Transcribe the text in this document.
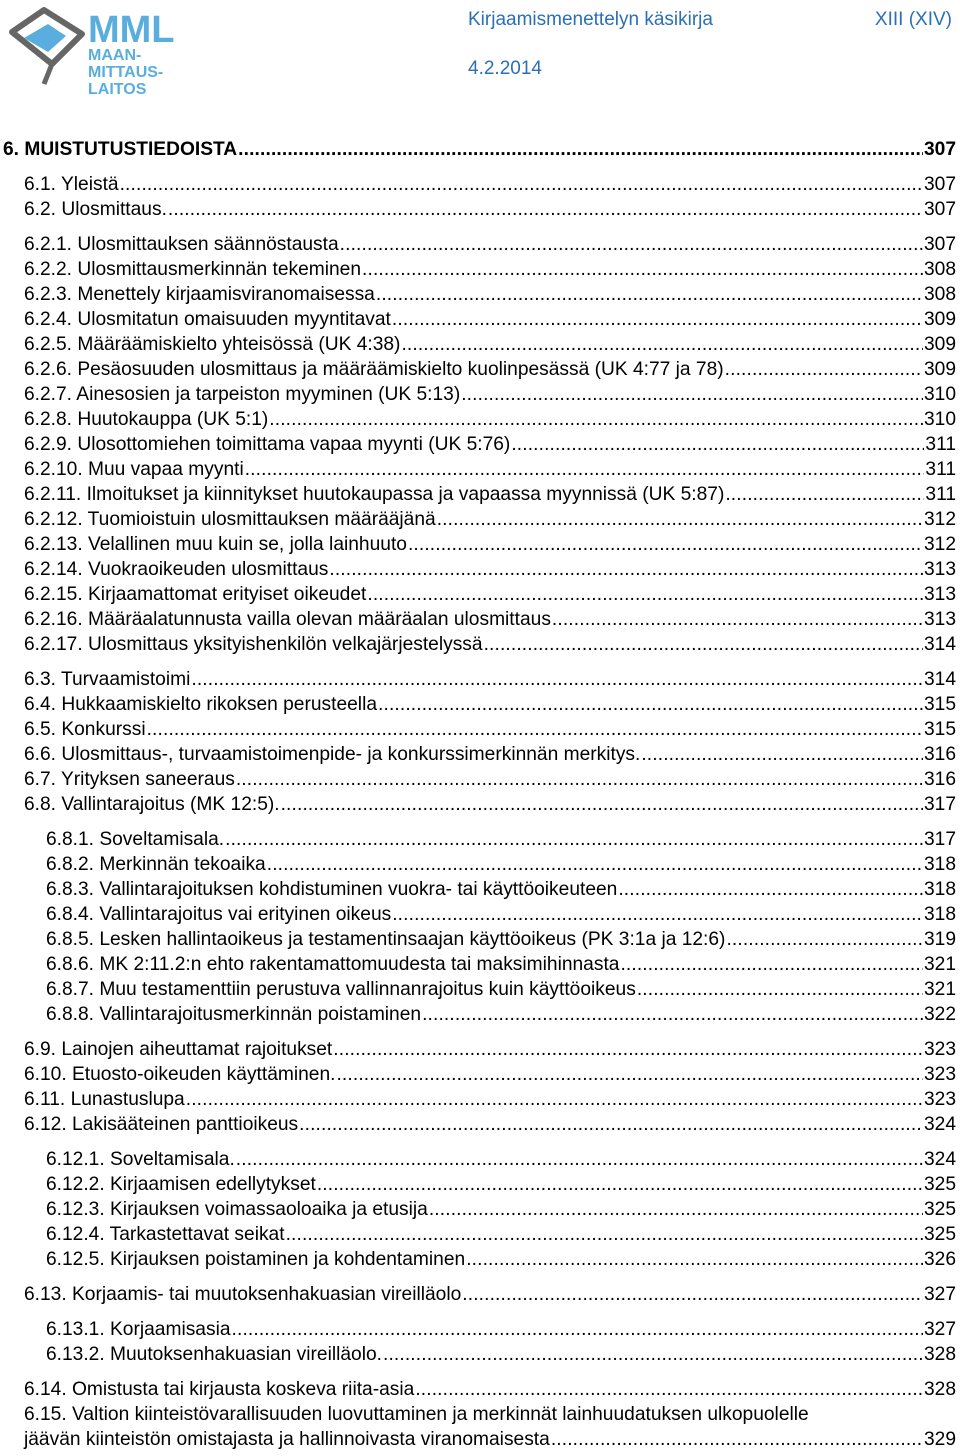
MML
MAAN-
MITTAUS-
LAITOS
Kirjaamismenettelyn käsikirja	XIII (XIV)
4.2.2014
6. MUISTUTUSTIEDOISTA . . .	307
6.1. Yleistä . . .	307
6.2. Ulosmittaus. . . .	307
6.2.1. Ulosmittauksen säännöstausta . . .	307
6.2.2. Ulosmittausmerkinnän tekeminen . . .	308
6.2.3. Menettely kirjaamisviranomaisessa . . .	308
6.2.4. Ulosmitatun omaisuuden myyntitavat . . .	309
6.2.5. Määräämiskielto yhteisössä (UK 4:38) . . .	309
6.2.6. Pesäosuuden ulosmittaus ja määräämiskielto kuolinpesässä (UK 4:77 ja 78) . . .	309
6.2.7. Ainesosien ja tarpeiston myyminen (UK 5:13) . . .	310
6.2.8. Huutokauppa (UK 5:1) . . .	310
6.2.9. Ulosottomiehen toimittama vapaa myynti (UK 5:76) . . .	311
6.2.10. Muu vapaa myynti . . .	311
6.2.11. Ilmoitukset ja kiinnitykset huutokaupassa ja vapaassa myynnissä (UK 5:87) . . .	311
6.2.12. Tuomioistuin ulosmittauksen määrääjänä . . .	312
6.2.13. Velallinen muu kuin se, jolla lainhuuto . . .	312
6.2.14. Vuokraoikeuden ulosmittaus . . .	313
6.2.15. Kirjaamattomat erityiset oikeudet . . .	313
6.2.16. Määräalatunnusta vailla olevan määräalan ulosmittaus . . .	313
6.2.17. Ulosmittaus yksityishenkilön velkajärjestelyssä . . .	314
6.3. Turvaamistoimi . . .	314
6.4. Hukkaamiskielto rikoksen perusteella . . .	315
6.5. Konkurssi . . .	315
6.6. Ulosmittaus-, turvaamistoimenpide- ja konkurssimerkinnän merkitys. . . .	316
6.7. Yrityksen saneeraus . . .	316
6.8. Vallintarajoitus (MK 12:5). . . .	317
6.8.1. Soveltamisala. . . .	317
6.8.2. Merkinnän tekoaika . . .	318
6.8.3. Vallintarajoituksen kohdistuminen vuokra- tai käyttöoikeuteen . . .	318
6.8.4. Vallintarajoitus vai erityinen oikeus . . .	318
6.8.5. Lesken hallintaoikeus ja testamentinsaajan käyttöoikeus (PK 3:1a ja 12:6) . . .	319
6.8.6. MK 2:11.2:n ehto rakentamattomuudesta tai maksimihinnasta . . .	321
6.8.7. Muu testamenttiin perustuva vallinnanrajoitus kuin käyttöoikeus . . .	321
6.8.8. Vallintarajoitusmerkinnän poistaminen . . .	322
6.9. Lainojen aiheuttamat rajoitukset . . .	323
6.10. Etuosto-oikeuden käyttäminen. . . .	323
6.11. Lunastuslupa . . .	323
6.12. Lakisääteinen panttioikeus . . .	324
6.12.1. Soveltamisala. . . .	324
6.12.2. Kirjaamisen edellytykset . . .	325
6.12.3. Kirjauksen voimassaoloaika ja etusija . . .	325
6.12.4. Tarkastettavat seikat . . .	325
6.12.5. Kirjauksen poistaminen ja kohdentaminen . . .	326
6.13. Korjaamis- tai muutoksenhakuasian vireilläolo . . .	327
6.13.1. Korjaamisasia . . .	327
6.13.2. Muutoksenhakuasian vireilläolo. . . .	328
6.14. Omistusta tai kirjausta koskeva riita-asia . . .	328
6.15. Valtion kiinteistövarallisuuden luovuttaminen ja merkinnät lainhuudatuksen ulkopuolelle
jäävän kiinteistön omistajasta ja hallinnoivasta viranomaisesta . . .	329
